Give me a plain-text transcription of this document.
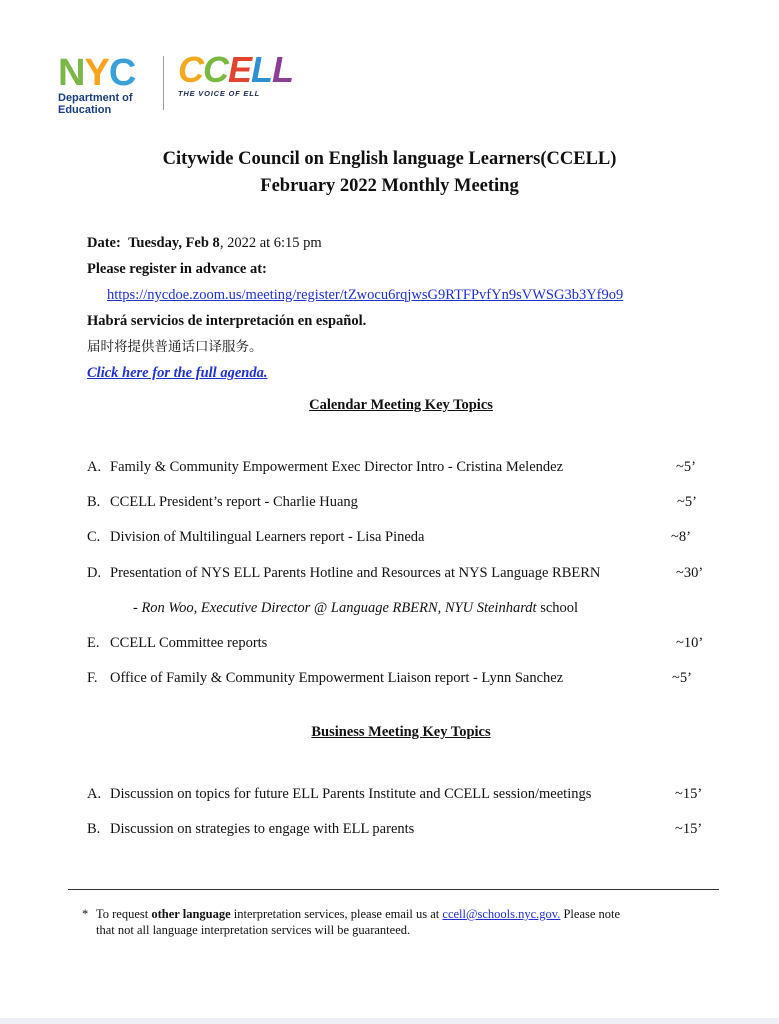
NYC
Department of
Education
CCELL
THE VOICE OF ELL
Citywide Council on English language Learners(CCELL)
February 2022 Monthly Meeting
Date: Tuesday, Feb 8, 2022 at 6:15 pm
Please register in advance at:
https://nycdoe.zoom.us/meeting/register/tZwocu6rqjwsG9RTFPvfYn9sVWSG3b3Yf9o9
Habrá servicios de interpretación en español.
届时将提供普通话口译服务。
Click here for the full agenda.
Calendar Meeting Key Topics
A. Family & Community Empowerment Exec Director Intro - Cristina Melendez	~5’
B. CCELL President’s report - Charlie Huang	~5’
C. Division of Multilingual Learners report - Lisa Pineda	~8’
D. Presentation of NYS ELL Parents Hotline and Resources at NYS Language RBERN	~30’
- Ron Woo, Executive Director @ Language RBERN, NYU Steinhardt school
E. CCELL Committee reports	~10’
F. Office of Family & Community Empowerment Liaison report - Lynn Sanchez	~5’
Business Meeting Key Topics
A. Discussion on topics for future ELL Parents Institute and CCELL session/meetings	~15’
B. Discussion on strategies to engage with ELL parents	~15’
* To request other language interpretation services, please email us at ccell@schools.nyc.gov. Please note
that not all language interpretation services will be guaranteed.
